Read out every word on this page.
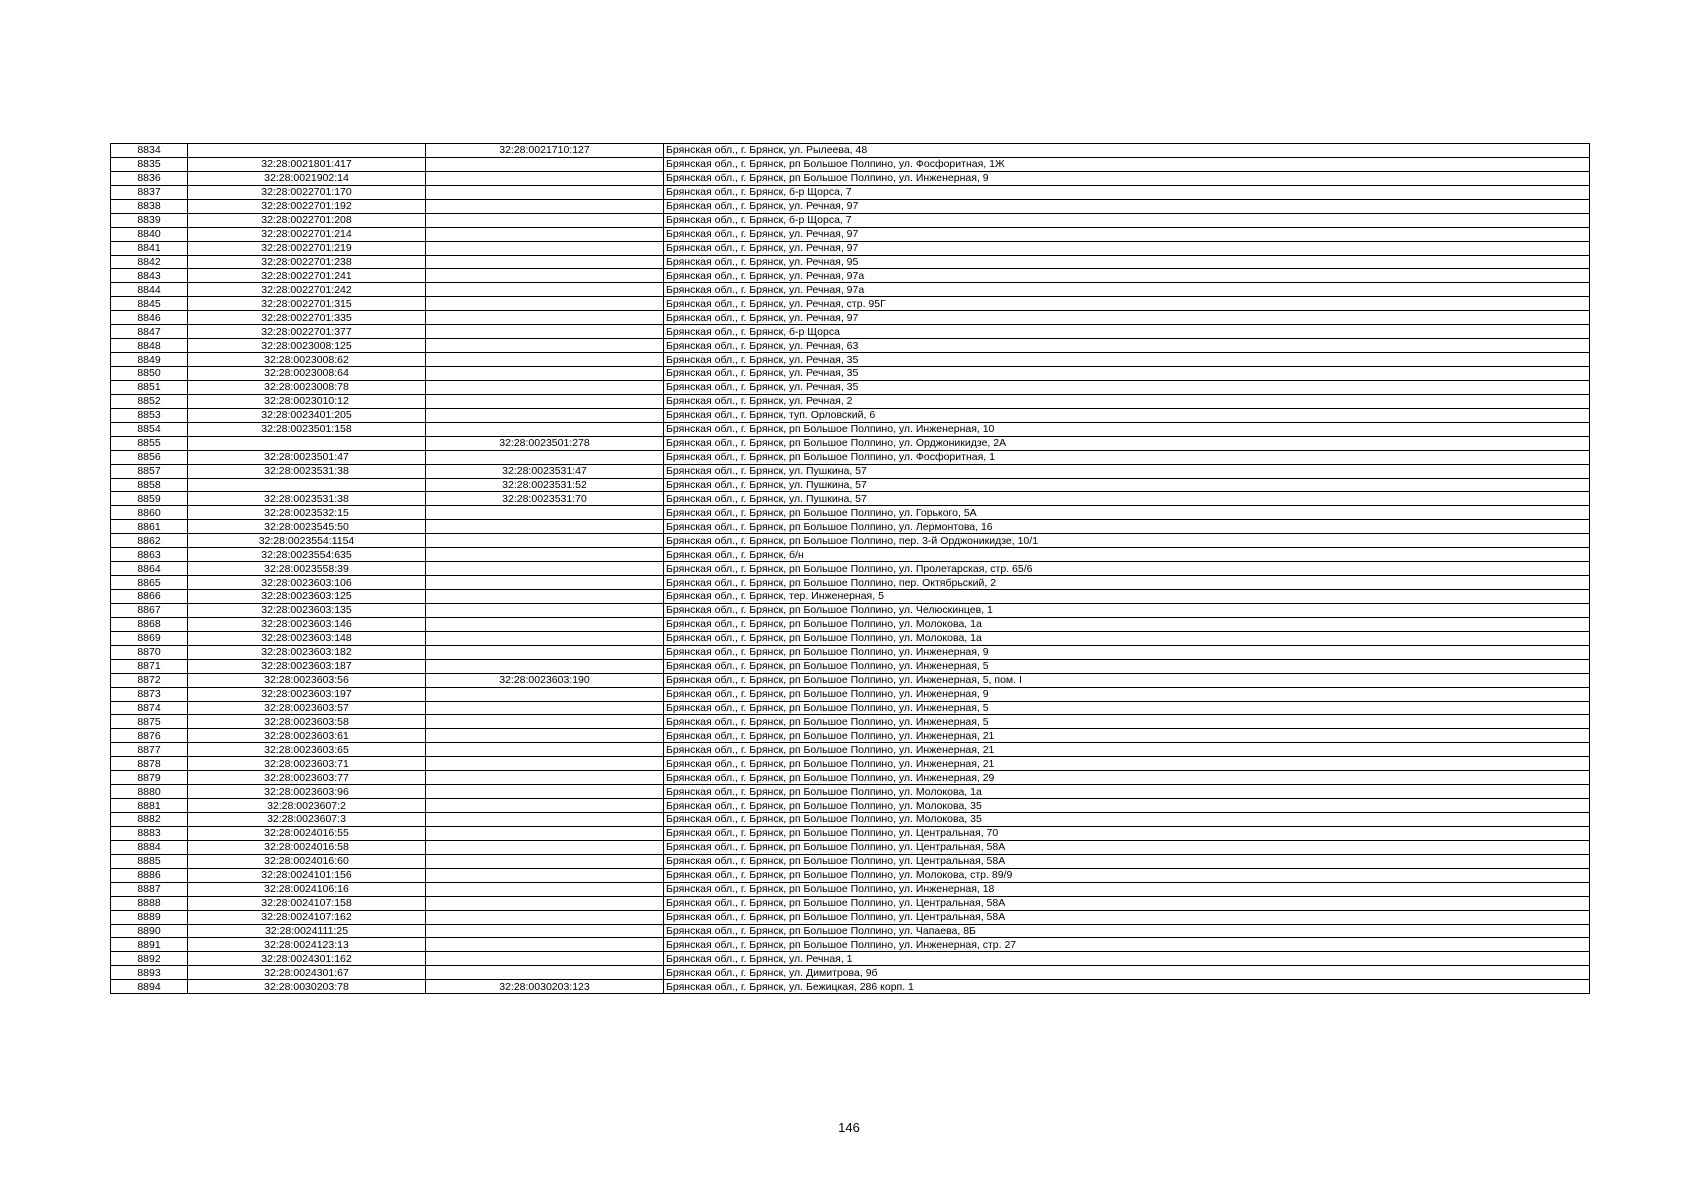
8834		32:28:0021710:127	Брянская обл., г. Брянск, ул. Рылеева, 48
8835	32:28:0021801:417		Брянская обл., г. Брянск, рп Большое Полпино, ул. Фосфоритная, 1Ж
8836	32:28:0021902:14		Брянская обл., г. Брянск, рп Большое Полпино, ул. Инженерная, 9
8837	32:28:0022701:170		Брянская обл., г. Брянск, б-р Щорса, 7
8838	32:28:0022701:192		Брянская обл., г. Брянск, ул. Речная, 97
8839	32:28:0022701:208		Брянская обл., г. Брянск, б-р Щорса, 7
8840	32:28:0022701:214		Брянская обл., г. Брянск, ул. Речная, 97
8841	32:28:0022701:219		Брянская обл., г. Брянск, ул. Речная, 97
8842	32:28:0022701:238		Брянская обл., г. Брянск, ул. Речная, 95
8843	32:28:0022701:241		Брянская обл., г. Брянск, ул. Речная, 97а
8844	32:28:0022701:242		Брянская обл., г. Брянск, ул. Речная, 97а
8845	32:28:0022701:315		Брянская обл., г. Брянск, ул. Речная, стр. 95Г
8846	32:28:0022701:335		Брянская обл., г. Брянск, ул. Речная, 97
8847	32:28:0022701:377		Брянская обл., г. Брянск, б-р Щорса
8848	32:28:0023008:125		Брянская обл., г. Брянск, ул. Речная, 63
8849	32:28:0023008:62		Брянская обл., г. Брянск, ул. Речная, 35
8850	32:28:0023008:64		Брянская обл., г. Брянск, ул. Речная, 35
8851	32:28:0023008:78		Брянская обл., г. Брянск, ул. Речная, 35
8852	32:28:0023010:12		Брянская обл., г. Брянск, ул. Речная, 2
8853	32:28:0023401:205		Брянская обл., г. Брянск, туп. Орловский, 6
8854	32:28:0023501:158		Брянская обл., г. Брянск, рп Большое Полпино, ул. Инженерная, 10
8855		32:28:0023501:278	Брянская обл., г. Брянск, рп Большое Полпино, ул. Орджоникидзе, 2А
8856	32:28:0023501:47		Брянская обл., г. Брянск, рп Большое Полпино, ул. Фосфоритная, 1
8857	32:28:0023531:38	32:28:0023531:47	Брянская обл., г. Брянск, ул. Пушкина, 57
8858		32:28:0023531:52	Брянская обл., г. Брянск, ул. Пушкина, 57
8859	32:28:0023531:38	32:28:0023531:70	Брянская обл., г. Брянск, ул. Пушкина, 57
8860	32:28:0023532:15		Брянская обл., г. Брянск, рп Большое Полпино, ул. Горького, 5А
8861	32:28:0023545:50		Брянская обл., г. Брянск, рп Большое Полпино, ул. Лермонтова, 16
8862	32:28:0023554:1154		Брянская обл., г. Брянск, рп Большое Полпино, пер. 3-й Орджоникидзе, 10/1
8863	32:28:0023554:635		Брянская обл., г. Брянск, б/н
8864	32:28:0023558:39		Брянская обл., г. Брянск, рп Большое Полпино, ул. Пролетарская, стр. 65/6
8865	32:28:0023603:106		Брянская обл., г. Брянск, рп Большое Полпино, пер. Октябрьский, 2
8866	32:28:0023603:125		Брянская обл., г. Брянск, тер. Инженерная, 5
8867	32:28:0023603:135		Брянская обл., г. Брянск, рп Большое Полпино, ул. Челюскинцев, 1
8868	32:28:0023603:146		Брянская обл., г. Брянск, рп Большое Полпино, ул. Молокова, 1а
8869	32:28:0023603:148		Брянская обл., г. Брянск, рп Большое Полпино, ул. Молокова, 1а
8870	32:28:0023603:182		Брянская обл., г. Брянск, рп Большое Полпино, ул. Инженерная, 9
8871	32:28:0023603:187		Брянская обл., г. Брянск, рп Большое Полпино, ул. Инженерная, 5
8872	32:28:0023603:56	32:28:0023603:190	Брянская обл., г. Брянск, рп Большое Полпино, ул. Инженерная, 5, пом. I
8873	32:28:0023603:197		Брянская обл., г. Брянск, рп Большое Полпино, ул. Инженерная, 9
8874	32:28:0023603:57		Брянская обл., г. Брянск, рп Большое Полпино, ул. Инженерная, 5
8875	32:28:0023603:58		Брянская обл., г. Брянск, рп Большое Полпино, ул. Инженерная, 5
8876	32:28:0023603:61		Брянская обл., г. Брянск, рп Большое Полпино, ул. Инженерная, 21
8877	32:28:0023603:65		Брянская обл., г. Брянск, рп Большое Полпино, ул. Инженерная, 21
8878	32:28:0023603:71		Брянская обл., г. Брянск, рп Большое Полпино, ул. Инженерная, 21
8879	32:28:0023603:77		Брянская обл., г. Брянск, рп Большое Полпино, ул. Инженерная, 29
8880	32:28:0023603:96		Брянская обл., г. Брянск, рп Большое Полпино, ул. Молокова, 1а
8881	32:28:0023607:2		Брянская обл., г. Брянск, рп Большое Полпино, ул. Молокова, 35
8882	32:28:0023607:3		Брянская обл., г. Брянск, рп Большое Полпино, ул. Молокова, 35
8883	32:28:0024016:55		Брянская обл., г. Брянск, рп Большое Полпино, ул. Центральная, 70
8884	32:28:0024016:58		Брянская обл., г. Брянск, рп Большое Полпино, ул. Центральная, 58А
8885	32:28:0024016:60		Брянская обл., г. Брянск, рп Большое Полпино, ул. Центральная, 58А
8886	32:28:0024101:156		Брянская обл., г. Брянск, рп Большое Полпино, ул. Молокова, стр. 89/9
8887	32:28:0024106:16		Брянская обл., г. Брянск, рп Большое Полпино, ул. Инженерная, 18
8888	32:28:0024107:158		Брянская обл., г. Брянск, рп Большое Полпино, ул. Центральная, 58А
8889	32:28:0024107:162		Брянская обл., г. Брянск, рп Большое Полпино, ул. Центральная, 58А
8890	32:28:0024111:25		Брянская обл., г. Брянск, рп Большое Полпино, ул. Чапаева, 8Б
8891	32:28:0024123:13		Брянская обл., г. Брянск, рп Большое Полпино, ул. Инженерная, стр. 27
8892	32:28:0024301:162		Брянская обл., г. Брянск, ул. Речная, 1
8893	32:28:0024301:67		Брянская обл., г. Брянск, ул. Димитрова, 9б
8894	32:28:0030203:78	32:28:0030203:123	Брянская обл., г. Брянск, ул. Бежицкая, 286 корп. 1
146
